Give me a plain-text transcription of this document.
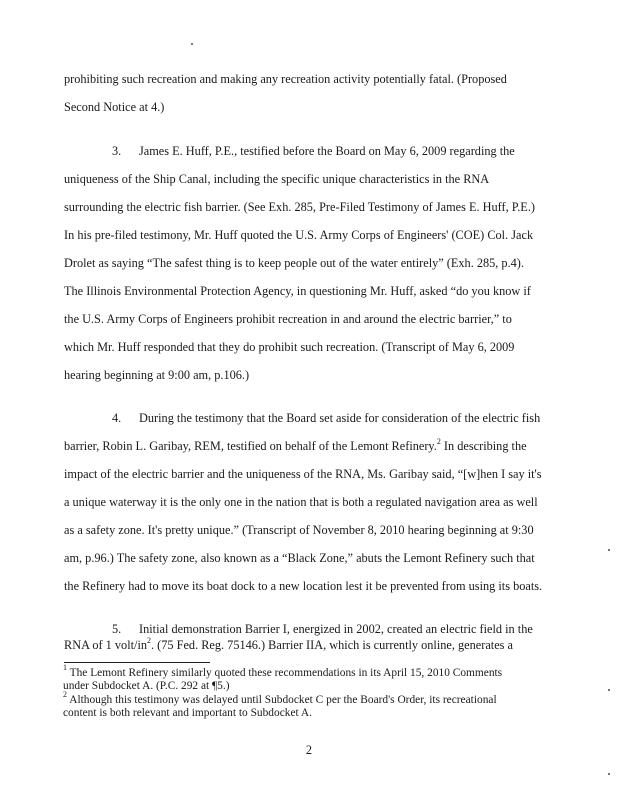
prohibiting such recreation and making any recreation activity potentially fatal. (Proposed
Second Notice at 4.)
3. James E. Huff, P.E., testified before the Board on May 6, 2009 regarding the
uniqueness of the Ship Canal, including the specific unique characteristics in the RNA
surrounding the electric fish barrier. (See Exh. 285, Pre-Filed Testimony of James E. Huff, P.E.)
In his pre-filed testimony, Mr. Huff quoted the U.S. Army Corps of Engineers' (COE) Col. Jack
Drolet as saying “The safest thing is to keep people out of the water entirely” (Exh. 285, p.4).
The Illinois Environmental Protection Agency, in questioning Mr. Huff, asked “do you know if
the U.S. Army Corps of Engineers prohibit recreation in and around the electric barrier,” to
which Mr. Huff responded that they do prohibit such recreation. (Transcript of May 6, 2009
hearing beginning at 9:00 am, p.106.)
4. During the testimony that the Board set aside for consideration of the electric fish
barrier, Robin L. Garibay, REM, testified on behalf of the Lemont Refinery.$^2$ In describing the
impact of the electric barrier and the uniqueness of the RNA, Ms. Garibay said, “[w]hen I say it's
a unique waterway it is the only one in the nation that is both a regulated navigation area as well
as a safety zone. It's pretty unique.” (Transcript of November 8, 2010 hearing beginning at 9:30
am, p.96.) The safety zone, also known as a “Black Zone,” abuts the Lemont Refinery such that
the Refinery had to move its boat dock to a new location lest it be prevented from using its boats.
5. Initial demonstration Barrier I, energized in 2002, created an electric field in the
RNA of 1 volt/$in^2$. (75 Fed. Reg. 75146.) Barrier IIA, which is currently online, generates a
$^1$ The Lemont Refinery similarly quoted these recommendations in its April 15, 2010 Comments
under Subdocket A. (P.C. 292 at ¶5.)
$^2$ Although this testimony was delayed until Subdocket C per the Board's Order, its recreational
content is both relevant and important to Subdocket A.
2
